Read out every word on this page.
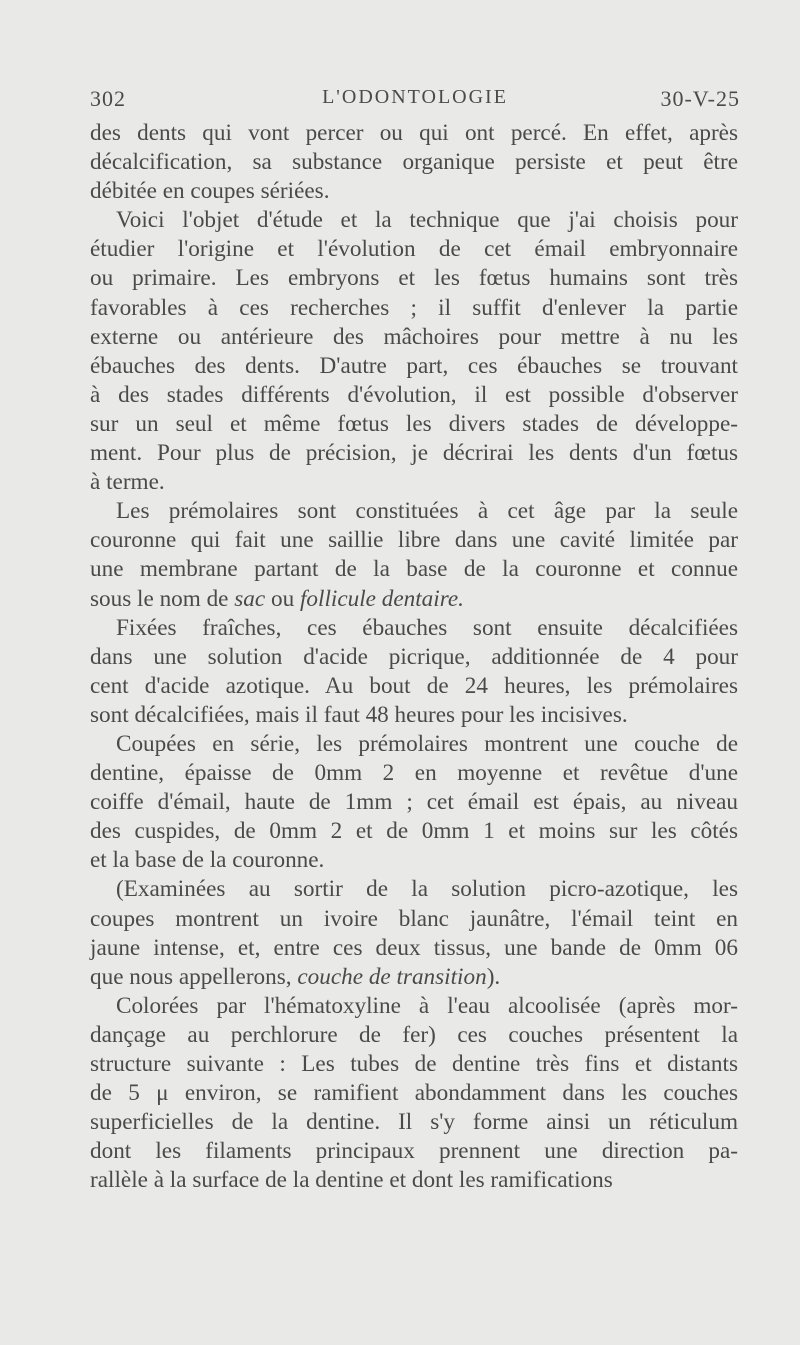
302	L'ODONTOLOGIE	30-V-25
des dents qui vont percer ou qui ont percé. En effet, après
décalcification, sa substance organique persiste et peut être
débitée en coupes sériées.
Voici l'objet d'étude et la technique que j'ai choisis pour
étudier l'origine et l'évolution de cet émail embryonnaire
ou primaire. Les embryons et les fœtus humains sont très
favorables à ces recherches ; il suffit d'enlever la partie
externe ou antérieure des mâchoires pour mettre à nu les
ébauches des dents. D'autre part, ces ébauches se trouvant
à des stades différents d'évolution, il est possible d'observer
sur un seul et même fœtus les divers stades de développe-
ment. Pour plus de précision, je décrirai les dents d'un fœtus
à terme.
Les prémolaires sont constituées à cet âge par la seule
couronne qui fait une saillie libre dans une cavité limitée par
une membrane partant de la base de la couronne et connue
sous le nom de sac ou follicule dentaire.
Fixées fraîches, ces ébauches sont ensuite décalcifiées
dans une solution d'acide picrique, additionnée de 4 pour
cent d'acide azotique. Au bout de 24 heures, les prémolaires
sont décalcifiées, mais il faut 48 heures pour les incisives.
Coupées en série, les prémolaires montrent une couche de
dentine, épaisse de 0mm 2 en moyenne et revêtue d'une
coiffe d'émail, haute de 1mm ; cet émail est épais, au niveau
des cuspides, de 0mm 2 et de 0mm 1 et moins sur les côtés
et la base de la couronne.
(Examinées au sortir de la solution picro-azotique, les
coupes montrent un ivoire blanc jaunâtre, l'émail teint en
jaune intense, et, entre ces deux tissus, une bande de 0mm 06
que nous appellerons, couche de transition).
Colorées par l'hématoxyline à l'eau alcoolisée (après mor-
dançage au perchlorure de fer) ces couches présentent la
structure suivante : Les tubes de dentine très fins et distants
de 5 μ environ, se ramifient abondamment dans les couches
superficielles de la dentine. Il s'y forme ainsi un réticulum
dont les filaments principaux prennent une direction pa-
rallèle à la surface de la dentine et dont les ramifications
